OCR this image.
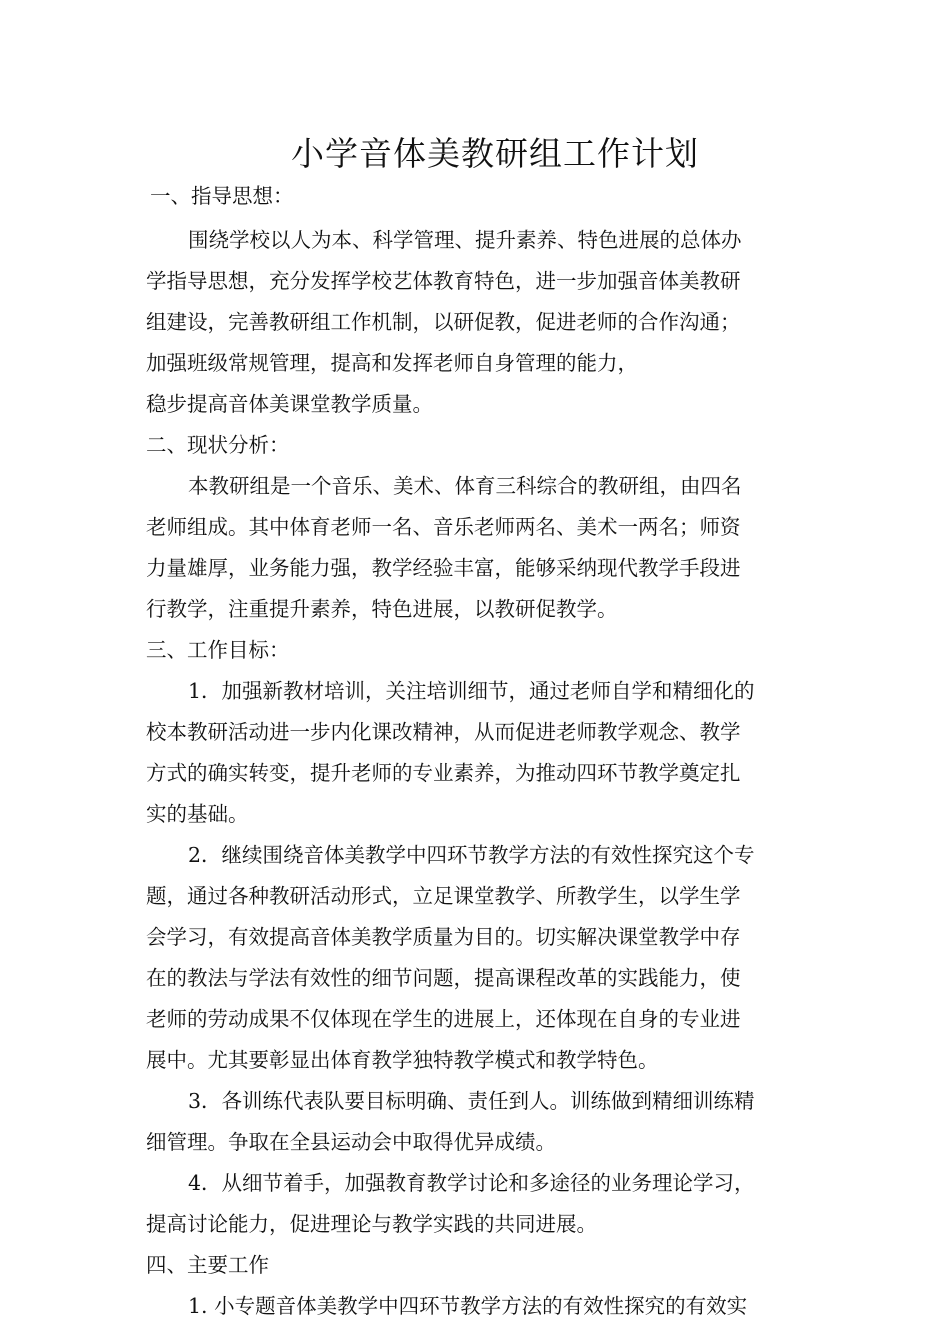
小学音体美教研组工作计划
一、指导思想：
围绕学校以人为本、科学管理、提升素养、特色进展的总体办
学指导思想，充分发挥学校艺体教育特色，进一步加强音体美教研
组建设，完善教研组工作机制，以研促教，促进老师的合作沟通；
加强班级常规管理，提高和发挥老师自身管理的能力，
稳步提高音体美课堂教学质量。
二、现状分析：
本教研组是一个音乐、美术、体育三科综合的教研组，由四名
老师组成。其中体育老师一名、音乐老师两名、美术一两名；师资
力量雄厚，业务能力强，教学经验丰富，能够采纳现代教学手段进
行教学，注重提升素养，特色进展，以教研促教学。
三、工作目标：
1．加强新教材培训，关注培训细节，通过老师自学和精细化的
校本教研活动进一步内化课改精神，从而促进老师教学观念、教学
方式的确实转变，提升老师的专业素养，为推动四环节教学奠定扎
实的基础。
2．继续围绕音体美教学中四环节教学方法的有效性探究这个专
题，通过各种教研活动形式，立足课堂教学、所教学生，以学生学
会学习，有效提高音体美教学质量为目的。切实解决课堂教学中存
在的教法与学法有效性的细节问题，提高课程改革的实践能力，使
老师的劳动成果不仅体现在学生的进展上，还体现在自身的专业进
展中。尤其要彰显出体育教学独特教学模式和教学特色。
3．各训练代表队要目标明确、责任到人。训练做到精细训练精
细管理。争取在全县运动会中取得优异成绩。
4．从细节着手，加强教育教学讨论和多途径的业务理论学习，
提高讨论能力，促进理论与教学实践的共同进展。
四、主要工作
1. 小专题音体美教学中四环节教学方法的有效性探究的有效实
